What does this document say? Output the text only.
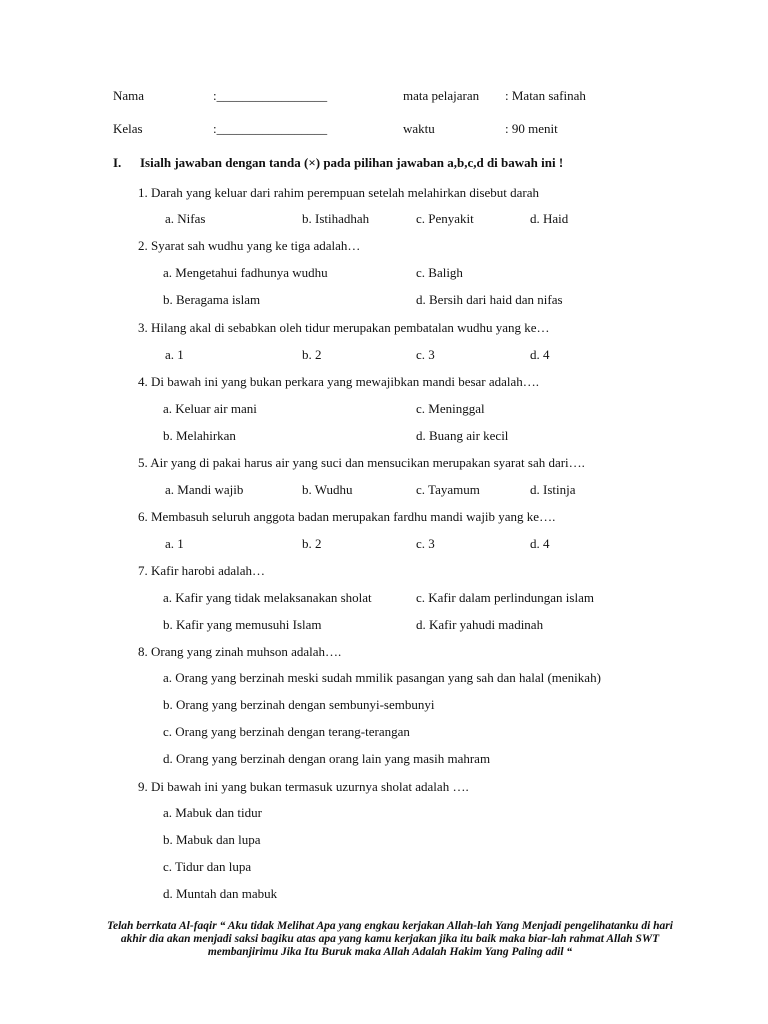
Nama	:_________________	mata pelajaran : Matan safinah
Kelas	:_________________	waktu	: 90 menit
I. Isialh jawaban dengan tanda (×) pada pilihan jawaban a,b,c,d di bawah ini !
1. Darah yang keluar dari rahim perempuan setelah melahirkan disebut darah
a. Nifas	b. Istihadhah	c. Penyakit	d. Haid
2. Syarat sah wudhu yang ke tiga adalah…
a. Mengetahui fadhunya wudhu	c. Baligh
b. Beragama islam	d. Bersih dari haid dan nifas
3. Hilang akal di sebabkan oleh tidur merupakan pembatalan wudhu yang ke…
a. 1	b. 2	c. 3	d. 4
4. Di bawah ini yang bukan perkara yang mewajibkan mandi besar adalah….
a. Keluar air mani	c. Meninggal
b. Melahirkan	d. Buang air kecil
5. Air yang di pakai harus air yang suci dan mensucikan merupakan syarat sah dari….
a. Mandi wajib	b. Wudhu	c. Tayamum	d. Istinja
6. Membasuh seluruh anggota badan merupakan fardhu mandi wajib yang ke….
a. 1	b. 2	c. 3	d. 4
7. Kafir harobi adalah…
a. Kafir yang tidak melaksanakan sholat	c. Kafir dalam perlindungan islam
b. Kafir yang memusuhi Islam	d. Kafir yahudi madinah
8. Orang yang zinah muhson adalah….
a. Orang yang berzinah meski sudah mmilik pasangan yang sah dan halal (menikah)
b. Orang yang berzinah dengan sembunyi-sembunyi
c. Orang yang berzinah dengan terang-terangan
d. Orang yang berzinah dengan orang lain yang masih mahram
9. Di bawah ini yang bukan termasuk uzurnya sholat adalah ….
a. Mabuk dan tidur
b. Mabuk dan lupa
c. Tidur dan lupa
d. Muntah dan mabuk
Telah berrkata Al-faqir “ Aku tidak Melihat Apa yang engkau kerjakan Allah-lah Yang Menjadi pengelihatanku di hari akhir dia akan menjadi saksi bagiku atas apa yang kamu kerjakan jika itu baik maka biar-lah rahmat Allah SWT membanjirimu Jika Itu Buruk maka Allah Adalah Hakim Yang Paling adil “
